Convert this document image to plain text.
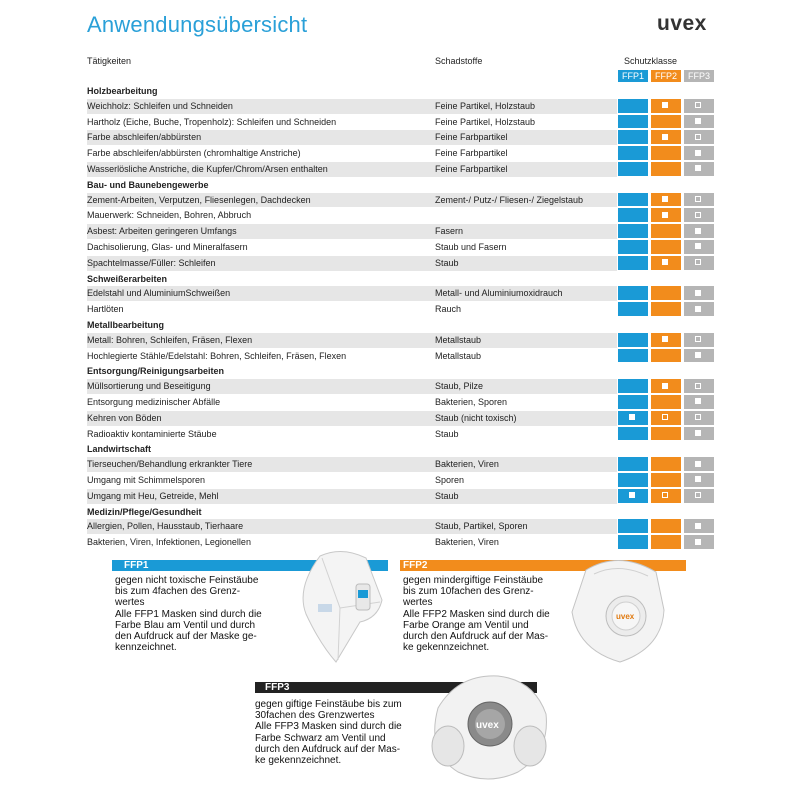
Anwendungsübersicht	uvex
Tätigkeiten	Schadstoffe	Schutzklasse
FFP1	FFP2	FFP3
Holzbearbeitung
Weichholz: Schleifen und Schneiden	Feine Partikel, Holzstaub
Hartholz (Eiche, Buche, Tropenholz): Schleifen und Schneiden	Feine Partikel, Holzstaub
Farbe abschleifen/abbürsten	Feine Farbpartikel
Farbe abschleifen/abbürsten (chromhaltige Anstriche)	Feine Farbpartikel
Wasserlösliche Anstriche, die Kupfer/Chrom/Arsen enthalten	Feine Farbpartikel
Bau- und Baunebengewerbe
Zement-Arbeiten, Verputzen, Fliesenlegen, Dachdecken	Zement-/ Putz-/ Fliesen-/ Ziegelstaub
Mauerwerk: Schneiden, Bohren, Abbruch
Asbest: Arbeiten geringeren Umfangs	Fasern
Dachisolierung, Glas- und Mineralfasern	Staub und Fasern
Spachtelmasse/Füller: Schleifen	Staub
Schweißerarbeiten
Edelstahl und AluminiumSchweißen	Metall- und Aluminiumoxidrauch
Hartlöten	Rauch
Metallbearbeitung
Metall: Bohren, Schleifen, Fräsen, Flexen	Metallstaub
Hochlegierte Stähle/Edelstahl: Bohren, Schleifen, Fräsen, Flexen	Metallstaub
Entsorgung/Reinigungsarbeiten
Müllsortierung und Beseitigung	Staub, Pilze
Entsorgung medizinischer Abfälle	Bakterien, Sporen
Kehren von Böden	Staub (nicht toxisch)
Radioaktiv kontaminierte Stäube	Staub
Landwirtschaft
Tierseuchen/Behandlung erkrankter Tiere	Bakterien, Viren
Umgang mit Schimmelsporen	Sporen
Umgang mit Heu, Getreide, Mehl	Staub
Medizin/Pflege/Gesundheit
Allergien, Pollen, Hausstaub, Tierhaare	Staub, Partikel, Sporen
Bakterien, Viren, Infektionen, Legionellen	Bakterien, Viren
FFP1

gegen nicht toxische Feinstäube

bis zum 4fachen des Grenz-

wertes

Alle FFP1 Masken sind durch die

Farbe Blau am Ventil und durch

den Aufdruck auf der Maske ge-

kennzeichnet.

FFP2

gegen mindergiftige Feinstäube

bis zum 10fachen des Grenz-

wertes

Alle FFP2 Masken sind durch die

Farbe Orange am Ventil und

durch den Aufdruck auf der Mas-

ke gekennzeichnet.

uvex
FFP3

gegen giftige Feinstäube bis zum

30fachen des Grenzwertes

Alle FFP3 Masken sind durch die

Farbe Schwarz am Ventil und

durch den Aufdruck auf der Mas-

ke gekennzeichnet.

uvex
